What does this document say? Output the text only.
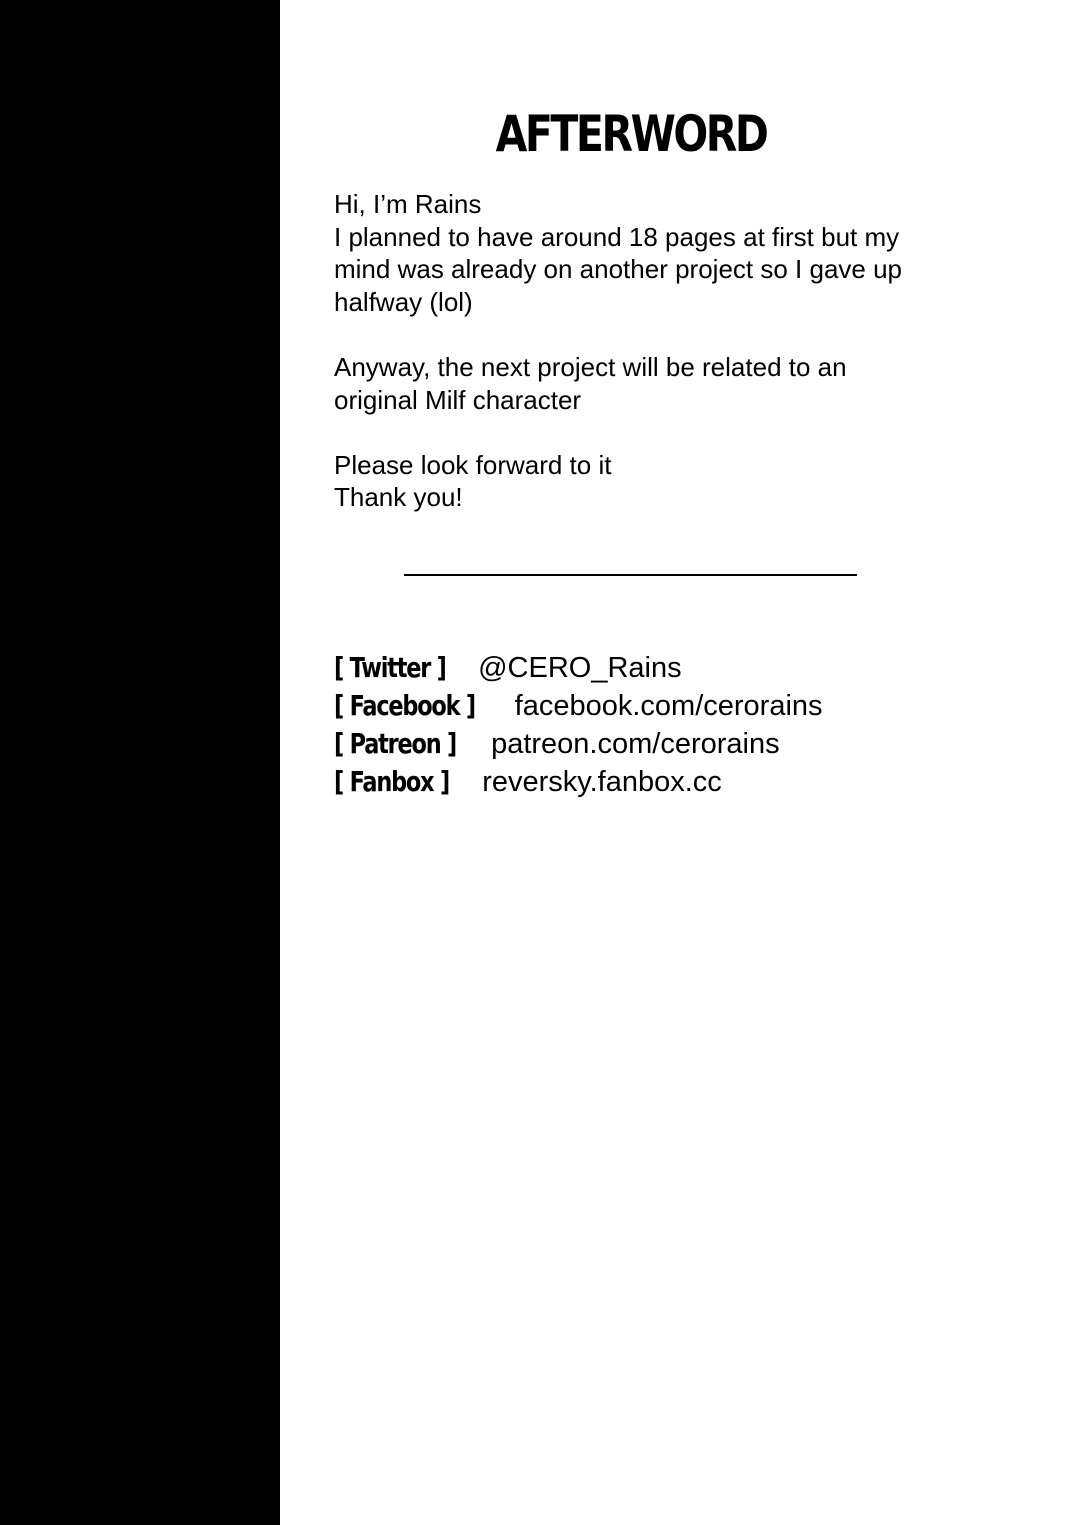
AFTERWORD

Hi, I’m Rains
I planned to have around 18 pages at first but my
mind was already on another project so I gave up
halfway (lol)

Anyway, the next project will be related to an
original Milf character

Please look forward to it
Thank you!

[ Twitter ] @CERO_Rains
[ Facebook ] facebook.com/cerorains
[ Patreon ] patreon.com/cerorains
[ Fanbox ] reversky.fanbox.cc
